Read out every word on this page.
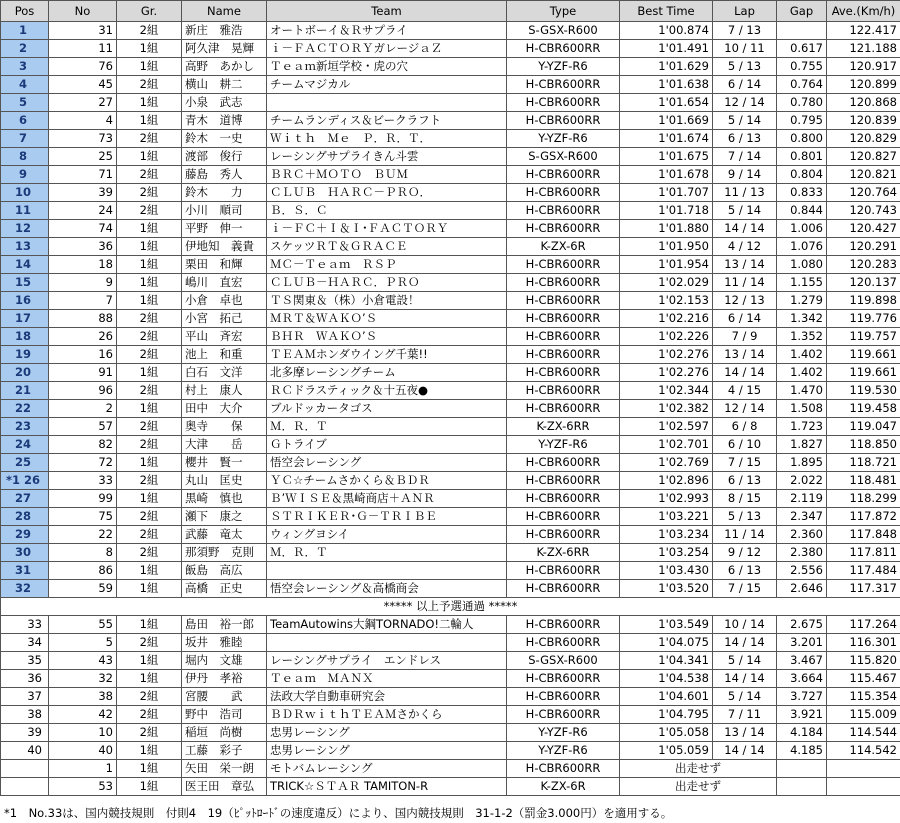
Pos	No	Gr.	Name	Team	Type	Best Time	Lap	Gap	Ave.(Km/h)
1	31	2組	新庄　雅浩	オートボーイ＆Ｒサプライ	S-GSX-R600	1'00.874	7 / 13		122.417
2	11	1組	阿久津　晃輝	ｉ－ＦＡＣＴＯＲＹガレージａＺ	H-CBR600RR	1'01.491	10 / 11	0.617	121.188
3	76	1組	高野　あかし	Ｔｅａｍ新垣学校・虎の穴	Y-YZF-R6	1'01.629	5 / 13	0.755	120.917
4	45	2組	横山　耕二	チームマジカル	H-CBR600RR	1'01.638	6 / 14	0.764	120.899
5	27	1組	小泉　武志		H-CBR600RR	1'01.654	12 / 14	0.780	120.868
6	4	1組	青木　道博	チームランディス＆ビークラフト	H-CBR600RR	1'01.669	5 / 14	0.795	120.839
7	73	2組	鈴木　一史	Ｗｉｔｈ　Ｍｅ　Ｐ．Ｒ．Ｔ．	Y-YZF-R6	1'01.674	6 / 13	0.800	120.829
8	25	1組	渡部　俊行	レーシングサプライきん斗雲	S-GSX-R600	1'01.675	7 / 14	0.801	120.827
9	71	2組	藤島　秀人	ＢＲＣ＋ＭＯＴＯ　ＢＵＭ	H-CBR600RR	1'01.678	9 / 14	0.804	120.821
10	39	2組	鈴木　　力	ＣＬＵＢ　ＨＡＲＣ－ＰＲＯ．	H-CBR600RR	1'01.707	11 / 13	0.833	120.764
11	24	2組	小川　順司	Ｂ．Ｓ．Ｃ	H-CBR600RR	1'01.718	5 / 14	0.844	120.743
12	74	1組	平野　伸一	ｉ－ＦＣ＋Ｉ＆Ｉ･ＦＡＣＴＯＲＹ	H-CBR600RR	1'01.880	14 / 14	1.006	120.427
13	36	1組	伊地知　義貴	スケッツＲＴ＆ＧＲＡＣＥ	K-ZX-6R	1'01.950	4 / 12	1.076	120.291
14	18	1組	栗田　和輝	ＭＣ－Ｔｅａｍ　ＲＳＰ	H-CBR600RR	1'01.954	13 / 14	1.080	120.283
15	9	1組	嶋川　直宏	ＣＬＵＢ－ＨＡＲＣ．ＰＲＯ	H-CBR600RR	1'02.029	11 / 14	1.155	120.137
16	7	1組	小倉　卓也	ＴＳ関東＆（株）小倉電設！	H-CBR600RR	1'02.153	12 / 13	1.279	119.898
17	88	2組	小宮　拓己	ＭＲＴ＆ＷＡＫＯ’Ｓ	H-CBR600RR	1'02.216	6 / 14	1.342	119.776
18	26	2組	平山　斉宏	ＢＨＲ　ＷＡＫＯ’Ｓ	H-CBR600RR	1'02.226	7 / 9	1.352	119.757
19	16	2組	池上　和重	ＴＥＡＭホンダウイング千葉!!	H-CBR600RR	1'02.276	13 / 14	1.402	119.661
20	91	1組	白石　文洋	北多摩レーシングチーム	H-CBR600RR	1'02.276	14 / 14	1.402	119.661
21	96	2組	村上　康人	ＲＣドラスティック＆十五夜●	H-CBR600RR	1'02.344	4 / 15	1.470	119.530
22	2	1組	田中　大介	ブルドッカータゴス	H-CBR600RR	1'02.382	12 / 14	1.508	119.458
23	57	2組	奥寺　　保	Ｍ．Ｒ．Ｔ	K-ZX-6RR	1'02.597	6 / 8	1.723	119.047
24	82	2組	大津　　岳	Ｇトライブ	Y-YZF-R6	1'02.701	6 / 10	1.827	118.850
25	72	1組	櫻井　賢一	悟空会レーシング	H-CBR600RR	1'02.769	7 / 15	1.895	118.721
*1 26	33	2組	丸山　匡史	ＹＣ☆チームさかくら＆ＢＤＲ	H-CBR600RR	1'02.896	6 / 13	2.022	118.481
27	99	1組	黒崎　慎也	Ｂ’ＷＩＳＥ＆黒崎商店＋ＡＮＲ	H-CBR600RR	1'02.993	8 / 15	2.119	118.299
28	75	2組	瀬下　康之	ＳＴＲＩＫＥＲ･Ｇ－ＴＲＩＢＥ	H-CBR600RR	1'03.221	5 / 13	2.347	117.872
29	22	2組	武藤　竜太	ウィングヨシイ	H-CBR600RR	1'03.234	11 / 14	2.360	117.848
30	8	2組	那須野　克則	Ｍ．Ｒ．Ｔ	K-ZX-6RR	1'03.254	9 / 12	2.380	117.811
31	86	1組	飯島　高広		H-CBR600RR	1'03.430	6 / 13	2.556	117.484
32	59	1組	高橋　正史	悟空会レーシング＆高橋商会	H-CBR600RR	1'03.520	7 / 15	2.646	117.317
***** 以上予選通過 *****									
33	55	1組	島田　裕一郎	TeamAutowins大鋼TORNADO!二輪人	H-CBR600RR	1'03.549	10 / 14	2.675	117.264
34	5	2組	坂井　雅睦		H-CBR600RR	1'04.075	14 / 14	3.201	116.301
35	43	1組	堀内　文雄	レーシングサプライ　エンドレス	S-GSX-R600	1'04.341	5 / 14	3.467	115.820
36	32	1組	伊丹　孝裕	Ｔｅａｍ　ＭＡＮＸ	H-CBR600RR	1'04.538	14 / 14	3.664	115.467
37	38	2組	宮腰　　武	法政大学自動車研究会	H-CBR600RR	1'04.601	5 / 14	3.727	115.354
38	42	2組	野中　浩司	ＢＤＲｗｉｔｈＴＥＡＭさかくら	H-CBR600RR	1'04.795	7 / 11	3.921	115.009
39	10	2組	稲垣　尚樹	忠男レーシング	Y-YZF-R6	1'05.058	13 / 14	4.184	114.544
40	40	1組	工藤　彩子	忠男レーシング	Y-YZF-R6	1'05.059	14 / 14	4.185	114.542
	1	1組	矢田　栄一朗	モトバムレーシング	H-CBR600RR	出走せず			
	53	1組	医王田　章弘	TRICK☆ＳＴＡＲ TAMITON-R	K-ZX-6R	出走せず			
*1　No.33は、国内競技規則　付則4　19（ﾋﾟｯﾄﾛｰﾄﾞの速度違反）により、国内競技規則　31-1-2（罰金3.000円）を適用する。
